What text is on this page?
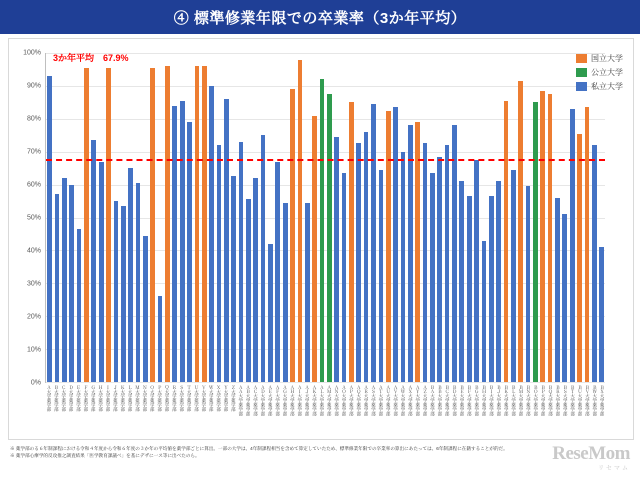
④ 標準修業年限での卒業率（3か年平均）
0%
10%
20%
30%
40%
50%
60%
70%
80%
90%
100% 3か年平均　67.9%	国立大学
公立大学
私立大学
Ａ大学薬学部 Ｂ大学薬学部 Ｃ大学薬学部 Ｄ大学薬学部 Ｅ大学薬学部 Ｆ大学薬学部 Ｇ大学薬学部 Ｈ大学薬学部 Ｉ大学薬学部 Ｊ大学薬学部 Ｋ大学薬学部 Ｌ大学薬学部 Ｍ大学薬学部 Ｎ大学薬学部 Ｏ大学薬学部 Ｐ大学薬学部 Ｑ大学薬学部 Ｒ大学薬学部 Ｓ大学薬学部 Ｔ大学薬学部 Ｕ大学薬学部 Ｖ大学薬学部 Ｗ大学薬学部 Ｘ大学薬学部 Ｙ大学薬学部 Ｚ大学薬学部 ＡＡ大学薬学部 ＡＢ大学薬学部 ＡＣ大学薬学部 ＡＤ大学薬学部 ＡＥ大学薬学部 ＡＦ大学薬学部 ＡＧ大学薬学部 ＡＨ大学薬学部 ＡＩ大学薬学部 ＡＪ大学薬学部 ＡＫ大学薬学部 ＡＬ大学薬学部 ＡＭ大学薬学部 ＡＮ大学薬学部 ＡＯ大学薬学部 ＡＰ大学薬学部 ＡＱ大学薬学部 ＡＲ大学薬学部 ＡＳ大学薬学部 ＡＴ大学薬学部 ＡＵ大学薬学部 ＡＶ大学薬学部 ＡＷ大学薬学部 ＡＸ大学薬学部 ＡＹ大学薬学部 ＡＺ大学薬学部 ＢＡ大学薬学部 ＢＢ大学薬学部 ＢＣ大学薬学部 ＢＤ大学薬学部 ＢＥ大学薬学部 ＢＦ大学薬学部 ＢＧ大学薬学部 ＢＨ大学薬学部 ＢＩ大学薬学部 ＢＪ大学薬学部 ＢＫ大学薬学部 ＢＬ大学薬学部 ＢＭ大学薬学部 ＢＮ大学薬学部 ＢＯ大学薬学部 ＢＰ大学薬学部 ＢＱ大学薬学部 ＢＲ大学薬学部 ＢＳ大学薬学部 ＢＴ大学薬学部 ＢＵ大学薬学部 ＢＶ大学薬学部 ＢＷ大学薬学部 ＢＸ大学薬学部
※ 薬学部のる６年制課程における令和４年度から令和６年度の３か年の平均値を薬学部ごとに算出。一部の大学は、4年制課程相当を含めて算定していたため、標準修業年限での卒業率の算出にあたっては、6年制課程に在籍することが的だ。
※ 薬学部心療学的反攻推之調査結果「医学教育課議べ」を基にデザに一ス等に出べたのら。	ReseMom
リセマム
